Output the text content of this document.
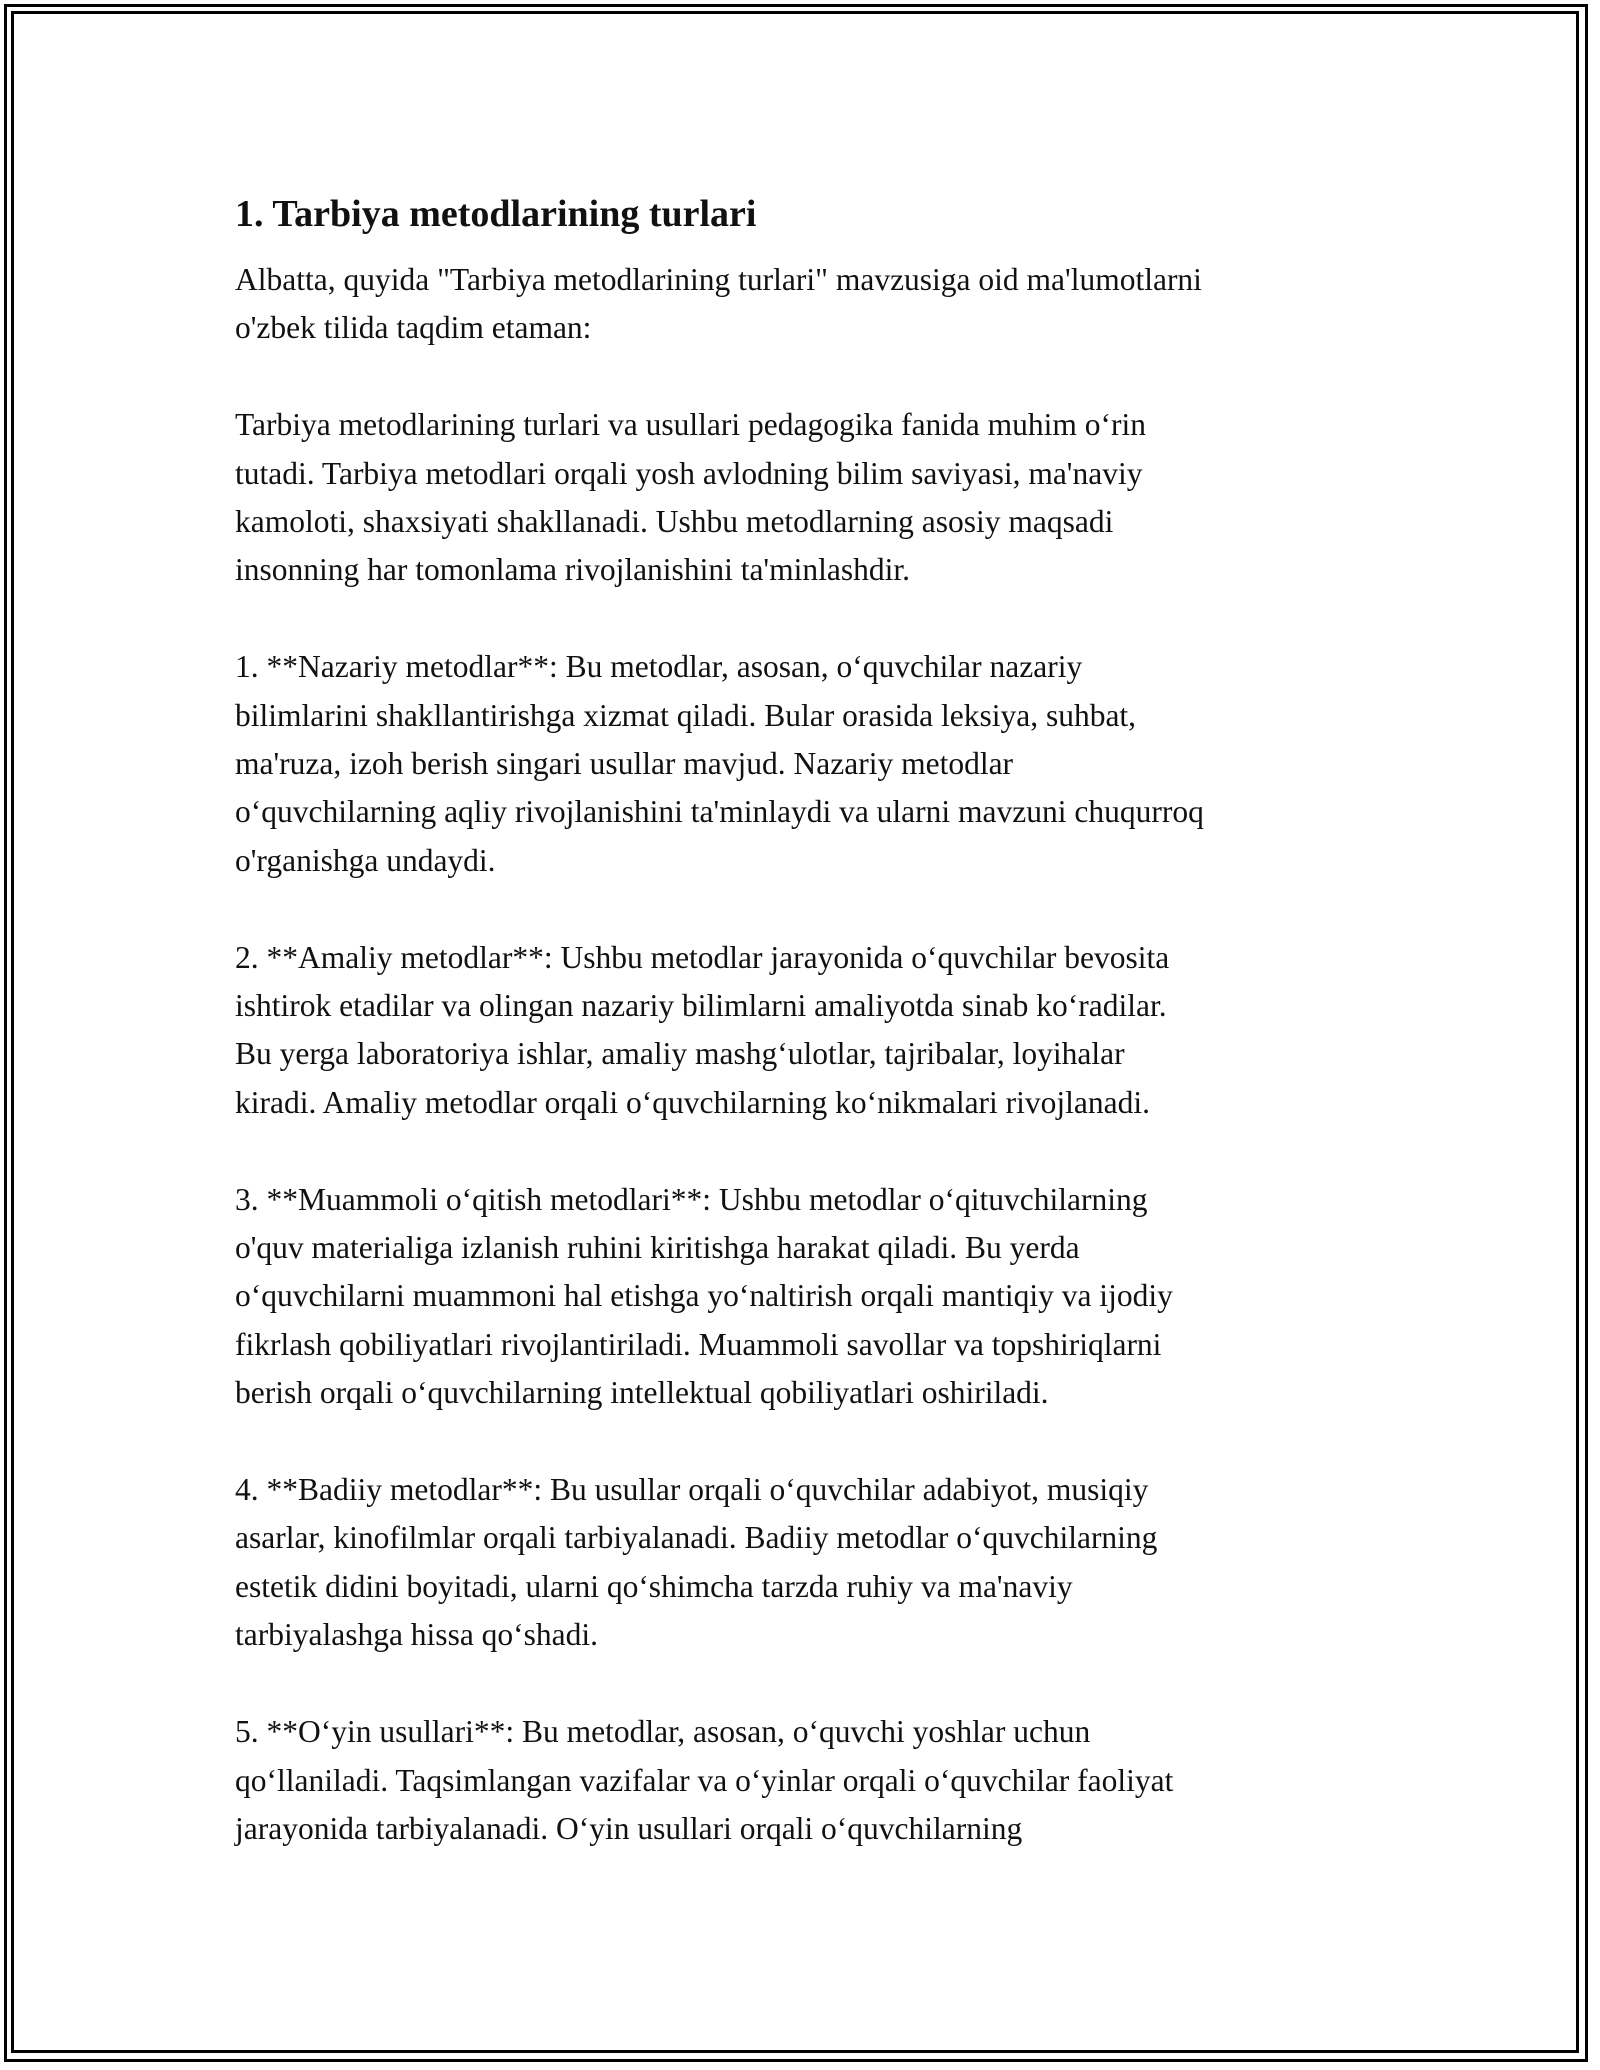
1. Tarbiya metodlarining turlari

Albatta, quyida "Tarbiya metodlarining turlari" mavzusiga oid ma'lumotlarni
o'zbek tilida taqdim etaman:

Tarbiya metodlarining turlari va usullari pedagogika fanida muhim o‘rin
tutadi. Tarbiya metodlari orqali yosh avlodning bilim saviyasi, ma'naviy
kamoloti, shaxsiyati shakllanadi. Ushbu metodlarning asosiy maqsadi
insonning har tomonlama rivojlanishini ta'minlashdir.

1. **Nazariy metodlar**: Bu metodlar, asosan, o‘quvchilar nazariy
bilimlarini shakllantirishga xizmat qiladi. Bular orasida leksiya, suhbat,
ma'ruza, izoh berish singari usullar mavjud. Nazariy metodlar
o‘quvchilarning aqliy rivojlanishini ta'minlaydi va ularni mavzuni chuqurroq
o'rganishga undaydi.

2. **Amaliy metodlar**: Ushbu metodlar jarayonida o‘quvchilar bevosita
ishtirok etadilar va olingan nazariy bilimlarni amaliyotda sinab ko‘radilar.
Bu yerga laboratoriya ishlar, amaliy mashg‘ulotlar, tajribalar, loyihalar
kiradi. Amaliy metodlar orqali o‘quvchilarning ko‘nikmalari rivojlanadi.

3. **Muammoli o‘qitish metodlari**: Ushbu metodlar o‘qituvchilarning
o'quv materialiga izlanish ruhini kiritishga harakat qiladi. Bu yerda
o‘quvchilarni muammoni hal etishga yo‘naltirish orqali mantiqiy va ijodiy
fikrlash qobiliyatlari rivojlantiriladi. Muammoli savollar va topshiriqlarni
berish orqali o‘quvchilarning intellektual qobiliyatlari oshiriladi.

4. **Badiiy metodlar**: Bu usullar orqali o‘quvchilar adabiyot, musiqiy
asarlar, kinofilmlar orqali tarbiyalanadi. Badiiy metodlar o‘quvchilarning
estetik didini boyitadi, ularni qo‘shimcha tarzda ruhiy va ma'naviy
tarbiyalashga hissa qo‘shadi.

5. **O‘yin usullari**: Bu metodlar, asosan, o‘quvchi yoshlar uchun
qo‘llaniladi. Taqsimlangan vazifalar va o‘yinlar orqali o‘quvchilar faoliyat
jarayonida tarbiyalanadi. O‘yin usullari orqali o‘quvchilarning
